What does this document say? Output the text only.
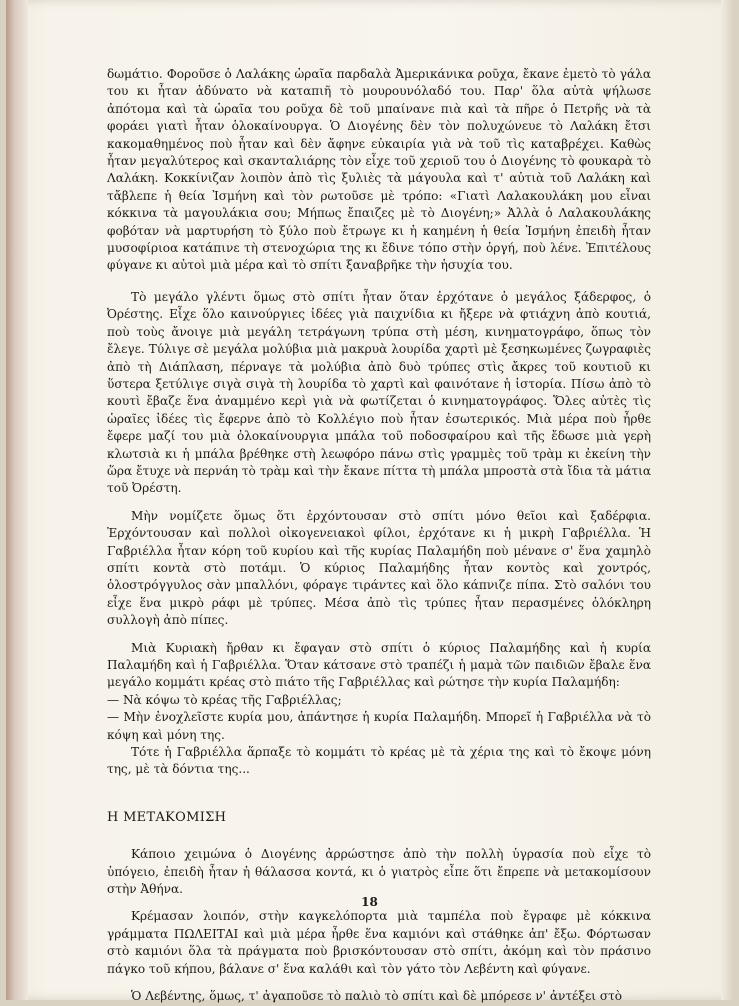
δωμάτιο. Φοροῦσε ὁ Λαλάκης ὡραῖα παρδαλὰ Ἀμερικάνικα ροῦχα, ἔκανε ἐμετὸ τὸ γάλα του κι ἦταν ἀδύνατο νὰ καταπιῆ τὸ μουρουνόλαδό του. Παρ' ὅλα αὐτὰ ψήλωσε ἀπότομα καὶ τὰ ὡραῖα του ροῦχα δὲ τοῦ μπαίνανε πιὰ καὶ τὰ πῆρε ὁ Πετρῆς νὰ τὰ φοράει γιατὶ ἦταν ὁλοκαίνουργα. Ὁ Διογένης δὲν τὸν πολυχώνευε τὸ Λαλάκη ἔτσι κακομαθημένος ποὺ ἦταν καὶ δὲν ἄφηνε εὐκαιρία γιὰ νὰ τοῦ τὶς καταβρέχει. Καθὼς ἦταν μεγαλύτερος καὶ σκανταλιάρης τὸν εἶχε τοῦ χεριοῦ του ὁ Διογένης τὸ φουκαρὰ τὸ Λαλάκη. Κοκκίνιζαν λοιπὸν ἀπὸ τὶς ξυλιὲς τὰ μάγουλα καὶ τ' αὐτιὰ τοῦ Λαλάκη καὶ τἄβλεπε ἡ θεία Ἰσμήνη καὶ τὸν ρωτοῦσε μὲ τρόπο: «Γιατὶ Λαλακουλάκη μου εἶναι κόκκινα τὰ μαγουλάκια σου; Μήπως ἔπαιζες μὲ τὸ Διογένη;» Ἀλλὰ ὁ Λαλακουλάκης φοβόταν νὰ μαρτυρήση τὸ ξύλο ποὺ ἔτρωγε κι ἡ καημένη ἡ θεία Ἰσμήνη ἐπειδὴ ἦταν μυσοφίριοα κατάπινε τὴ στενοχώρια της κι ἔδινε τόπο στὴν ὀργή, ποὺ λένε. Ἐπιτέλους φύγανε κι αὐτοὶ μιὰ μέρα καὶ τὸ σπίτι ξαναβρῆκε τὴν ἡσυχία του.

Τὸ μεγάλο γλέντι ὅμως στὸ σπίτι ἦταν ὅταν ἐρχότανε ὁ μεγάλος ξάδερφος, ὁ Ὀρέστης. Εἶχε ὅλο καινούργιες ἰδέες γιὰ παιχνίδια κι ἤξερε νὰ φτιάχνη ἀπὸ κουτιά, ποὺ τοὺς ἄνοιγε μιὰ μεγάλη τετράγωνη τρύπα στὴ μέση, κινηματογράφο, ὅπως τὸν ἔλεγε. Τύλιγε σὲ μεγάλα μολύβια μιὰ μακρυὰ λουρίδα χαρτὶ μὲ ξεσηκωμένες ζωγραφιὲς ἀπὸ τὴ Διάπλαση, πέρναγε τὰ μολύβια ἀπὸ δυὸ τρύπες στὶς ἄκρες τοῦ κουτιοῦ κι ὕστερα ξετύλιγε σιγὰ σιγὰ τὴ λουρίδα τὸ χαρτὶ καὶ φαινότανε ἡ ἱστορία. Πίσω ἀπὸ τὸ κουτὶ ἔβαζε ἕνα ἀναμμένο κερὶ γιὰ νὰ φωτίζεται ὁ κινηματογράφος. Ὅλες αὐτὲς τὶς ὡραῖες ἰδέες τὶς ἔφερνε ἀπὸ τὸ Κολλέγιο ποὺ ἦταν ἐσωτερικός. Μιὰ μέρα ποὺ ἦρθε ἔφερε μαζί του μιὰ ὁλοκαίνουργια μπάλα τοῦ ποδοσφαίρου καὶ τῆς ἔδωσε μιὰ γερὴ κλωτσιὰ κι ἡ μπάλα βρέθηκε στὴ λεωφόρο πάνω στὶς γραμμὲς τοῦ τρὰμ κι ἐκείνη τὴν ὥρα ἔτυχε νὰ περνάη τὸ τρὰμ καὶ τὴν ἔκανε πίττα τὴ μπάλα μπροστὰ στὰ ἴδια τὰ μάτια τοῦ Ὀρέστη.

Μὴν νομίζετε ὅμως ὅτι ἐρχόντουσαν στὸ σπίτι μόνο θεῖοι καὶ ξαδέρφια. Ἐρχόντουσαν καὶ πολλοὶ οἰκογενειακοὶ φίλοι, ἐρχότανε κι ἡ μικρὴ Γαβριέλλα. Ἡ Γαβριέλλα ἦταν κόρη τοῦ κυρίου καὶ τῆς κυρίας Παλαμήδη ποὺ μένανε σ' ἕνα χαμηλὸ σπίτι κοντὰ στὸ ποτάμι. Ὁ κύριος Παλαμήδης ἦταν κοντὸς καὶ χοντρός, ὁλοστρόγγυλος σὰν μπαλλόνι, φόραγε τιράντες καὶ ὅλο κάπνιζε πίπα. Στὸ σαλόνι του εἶχε ἕνα μικρὸ ράφι μὲ τρύπες. Μέσα ἀπὸ τὶς τρύπες ἦταν περασμένες ὁλόκληρη συλλογὴ ἀπὸ πίπες.

Μιὰ Κυριακὴ ἤρθαν κι ἔφαγαν στὸ σπίτι ὁ κύριος Παλαμήδης καὶ ἡ κυρία Παλαμήδη καὶ ἡ Γαβριέλλα. Ὅταν κάτσανε στὸ τραπέζι ἡ μαμὰ τῶν παιδιῶν ἔβαλε ἕνα μεγάλο κομμάτι κρέας στὸ πιάτο τῆς Γαβριέλλας καὶ ρώτησε τὴν κυρία Παλαμήδη:

— Νὰ κόψω τὸ κρέας τῆς Γαβριέλλας;

— Μὴν ἐνοχλεῖστε κυρία μου, ἀπάντησε ἡ κυρία Παλαμήδη. Μπορεῖ ἡ Γαβριέλλα νὰ τὸ κόψη καὶ μόνη της.

Τότε ἡ Γαβριέλλα ἅρπαξε τὸ κομμάτι τὸ κρέας μὲ τὰ χέρια της καὶ τὸ ἔκοψε μόνη της, μὲ τὰ δόντια της...

Η ΜΕΤΑΚΟΜΙΣΗ

Κάποιο χειμώνα ὁ Διογένης ἀρρώστησε ἀπὸ τὴν πολλὴ ὑγρασία ποὺ εἶχε τὸ ὑπόγειο, ἐπειδὴ ἦταν ἡ θάλασσα κοντά, κι ὁ γιατρὸς εἶπε ὅτι ἔπρεπε νὰ μετακομίσουν στὴν Ἀθήνα.

Κρέμασαν λοιπόν, στὴν καγκελόπορτα μιὰ ταμπέλα ποὺ ἔγραφε μὲ κόκκινα γράμματα ΠΩΛΕΙΤΑΙ καὶ μιὰ μέρα ἦρθε ἕνα καμιόνι καὶ στάθηκε ἀπ' ἔξω. Φόρτωσαν στὸ καμιόνι ὅλα τὰ πράγματα ποὺ βρισκόντουσαν στὸ σπίτι, ἀκόμη καὶ τὸν πράσινο πάγκο τοῦ κήπου, βάλανε σ' ἕνα καλάθι καὶ τὸν γάτο τὸν Λεβέντη καὶ φύγανε.

Ὁ Λεβέντης, ὅμως, τ' ἀγαποῦσε τὸ παλιὸ τὸ σπίτι καὶ δὲ μπόρεσε ν' ἀντέξει στὸ

18
